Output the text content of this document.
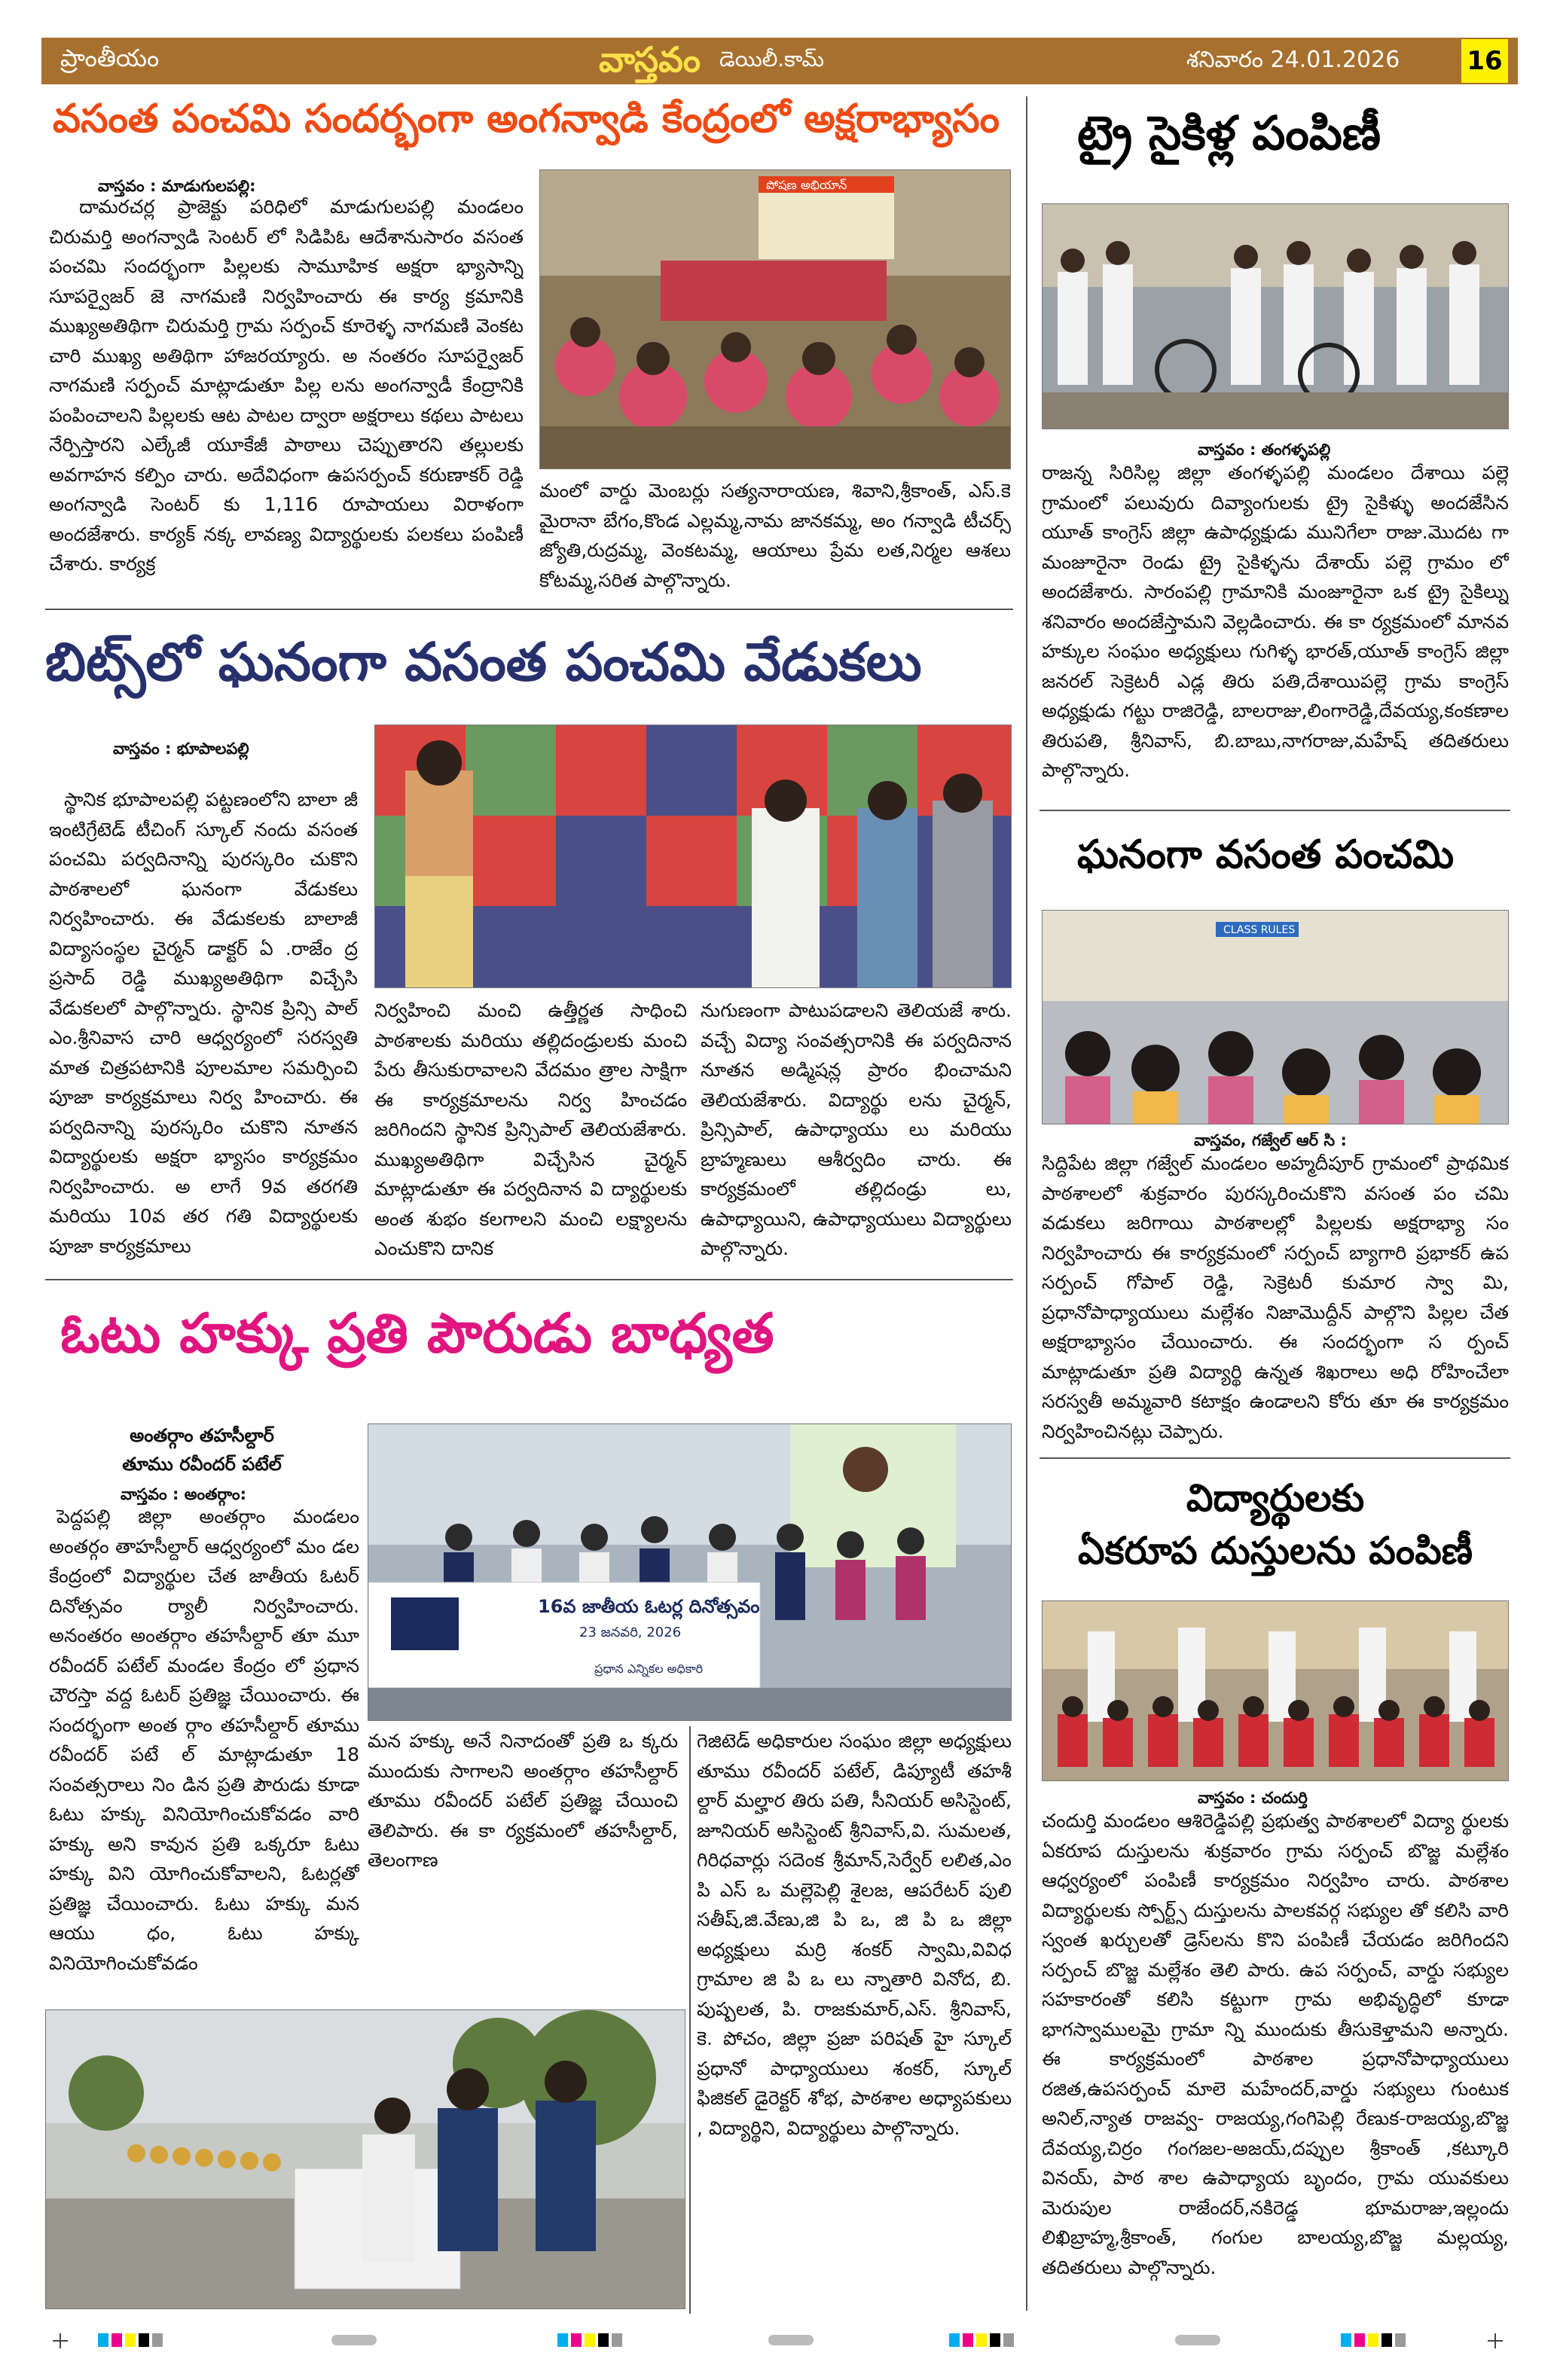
ప్రాంతీయం	వాస్తవం డెయిలీ.కామ్	శనివారం 24.01.2026	16
వసంత పంచమి సందర్భంగా అంగన్వాడి కేంద్రంలో అక్షరాభ్యాసం
వాస్తవం : మాడుగులపల్లి:
దామరచర్ల ప్రాజెక్టు పరిధిలో మాడుగులపల్లి మండలం చిరుమర్తి అంగన్వాడి సెంటర్ లో సిడిపిఓ ఆదేశానుసారం వసంత పంచమి సందర్భంగా పిల్లలకు సామూహిక అక్షరా భ్యాసాన్ని సూపర్వైజర్ జె నాగమణి నిర్వహించారు ఈ కార్య క్రమానికి ముఖ్యఅతిథిగా చిరుమర్తి గ్రామ సర్పంచ్ కూరెళ్ళ నాగమణి వెంకట చారి ముఖ్య అతిథిగా హాజరయ్యారు. అ నంతరం సూపర్వైజర్ నాగమణి సర్పంచ్ మాట్లాడుతూ పిల్ల లను అంగన్వాడీ కేంద్రానికి పంపించాలని పిల్లలకు ఆట పాటల ద్వారా అక్షరాలు కథలు పాటలు నేర్పిస్తారని ఎల్కేజీ యూకేజీ పాఠాలు చెప్పుతారని తల్లులకు అవగాహన కల్పిం చారు. అదేవిధంగా ఉపసర్పంచ్ కరుణాకర్ రెడ్డి అంగన్వాడి సెంటర్ కు 1,116 రూపాయలు విరాళంగా అందజేశారు. కార్యక్ నక్క లావణ్య విద్యార్థులకు పలకలు పంపిణీ చేశారు. కార్యక్ర
పోషణ అభియాన్
మంలో వార్డు మెంబర్లు సత్యనారాయణ, శివాని,శ్రీకాంత్, ఎస్.కె మైరానా బేగం,కొండ ఎల్లమ్మ,నామ జానకమ్మ, అం గన్వాడి టీచర్స్ జ్యోతి,రుద్రమ్మ, వెంకటమ్మ, ఆయాలు ప్రేమ లత,నిర్మల ఆశలు కోటమ్మ,సరిత పాల్గొన్నారు.
ట్రై సైకిళ్ల పంపిణీ
వాస్తవం : తంగళ్ళపల్లి
రాజన్న సిరిసిల్ల జిల్లా తంగళ్ళపల్లి మండలం దేశాయి పల్లె గ్రామంలో పలువురు దివ్యాంగులకు ట్రై సైకిళ్ళు అందజేసిన యూత్ కాంగ్రెస్ జిల్లా ఉపాధ్యక్షుడు మునిగేలా రాజు.మొదట గా మంజూరైనా రెండు ట్రై సైకిళ్ళను దేశాయ్ పల్లె గ్రామం లో అందజేశారు. సారంపల్లి గ్రామానికి మంజూరైనా ఒక ట్రై సైకిల్ను శనివారం అందజేస్తామని వెల్లడించారు. ఈ కా ర్యక్రమంలో మానవ హక్కుల సంఘం అధ్యక్షులు గుగిళ్ళ భారత్,యూత్ కాంగ్రెస్ జిల్లా జనరల్ సెక్రెటరీ ఎడ్ల తిరు పతి,దేశాయిపల్లె గ్రామ కాంగ్రెస్ అధ్యక్షుడు గట్టు రాజిరెడ్డి, బాలరాజు,లింగారెడ్డి,దేవయ్య,కంకణాల తిరుపతి, శ్రీనివాస్, బి.బాబు,నాగరాజు,మహేష్ తదితరులు పాల్గొన్నారు.
బిట్స్‌లో ఘనంగా వసంత పంచమి వేడుకలు
వాస్తవం : భూపాలపల్లి
స్థానిక భూపాలపల్లి పట్టణంలోని బాలా జీ ఇంటిగ్రేటెడ్ టీచింగ్ స్కూల్ నందు వసంత పంచమి పర్వదినాన్ని పురస్కరిం చుకొని పాఠశాలలో ఘనంగా వేడుకలు నిర్వహించారు. ఈ వేడుకలకు బాలాజీ విద్యాసంస్థల చైర్మన్ డాక్టర్ ఏ .రాజేం ద్ర ప్రసాద్ రెడ్డి ముఖ్యఅతిథిగా విచ్చేసి వేడుకలలో పాల్గొన్నారు. స్థానిక ప్రిన్సి పాల్ ఎం.శ్రీనివాస చారి ఆధ్వర్యంలో సరస్వతి మాత చిత్రపటానికి పూలమాల సమర్పించి పూజా కార్యక్రమాలు నిర్వ హించారు. ఈ పర్వదినాన్ని పురస్కరిం చుకొని నూతన విద్యార్థులకు అక్షరా భ్యాసం కార్యక్రమం నిర్వహించారు. అ లాగే 9వ తరగతి మరియు 10వ తర గతి విద్యార్థులకు పూజా కార్యక్రమాలు
నిర్వహించి మంచి ఉత్తీర్ణత సాధించి పాఠశాలకు మరియు తల్లిదండ్రులకు మంచి పేరు తీసుకురావాలని వేదమం త్రాల సాక్షిగా ఈ కార్యక్రమాలను నిర్వ హించడం జరిగిందని స్థానిక ప్రిన్సిపాల్ తెలియజేశారు. ముఖ్యఅతిథిగా విచ్చేసిన చైర్మన్ మాట్లాడుతూ ఈ పర్వదినాన వి ద్యార్థులకు అంత శుభం కలగాలని మంచి లక్ష్యాలను ఎంచుకొని దానిక
నుగుణంగా పాటుపడాలని తెలియజే శారు. వచ్చే విద్యా సంవత్సరానికి ఈ పర్వదినాన నూతన అడ్మిషన్ల ప్రారం భించామని తెలియజేశారు. విద్యార్థు లను చైర్మన్, ప్రిన్సిపాల్, ఉపాధ్యాయు లు మరియు బ్రాహ్మణులు ఆశీర్వదిం చారు. ఈ కార్యక్రమంలో తల్లిదండ్రు లు, ఉపాధ్యాయిని, ఉపాధ్యాయులు విద్యార్థులు పాల్గొన్నారు.
ఘనంగా వసంత పంచమి
CLASS RULES
వాస్తవం, గజ్వేల్ ఆర్ సి :
సిద్దిపేట జిల్లా గజ్వేల్ మండలం అహ్మదీపూర్ గ్రామంలో ప్రాథమిక పాఠశాలలో శుక్రవారం పురస్కరించుకొని వసంత పం చమి వడుకలు జరిగాయి పాఠశాలల్లో పిల్లలకు అక్షరాభ్యా సం నిర్వహించారు ఈ కార్యక్రమంలో సర్పంచ్ బ్యాగారి ప్రభాకర్ ఉప సర్పంచ్ గోపాల్ రెడ్డి, సెక్రెటరీ కుమార స్వా మి, ప్రధానోపాధ్యాయులు మల్లేశం నిజామొద్దీన్ పాల్గొని పిల్లల చేత అక్షరాభ్యాసం చేయించారు. ఈ సందర్భంగా స ర్పంచ్ మాట్లాడుతూ ప్రతి విద్యార్థి ఉన్నత శిఖరాలు అధి రోహించేలా సరస్వతీ అమ్మవారి కటాక్షం ఉండాలని కోరు తూ ఈ కార్యక్రమం నిర్వహించినట్లు చెప్పారు.
ఓటు హక్కు ప్రతి పౌరుడు బాధ్యత
అంతర్గాం తహసీల్దార్
తూము రవీందర్ పటేల్
వాస్తవం : అంతర్గాం:
పెద్దపల్లి జిల్లా అంతర్గాం మండలం అంతర్గం తాహసీల్దార్ ఆధ్వర్యంలో మం డల కేంద్రంలో విద్యార్థుల చేత జాతీయ ఓటర్ దినోత్సవం ర్యాలీ నిర్వహించారు. అనంతరం అంతర్గాం తహసీల్దార్ తూ మూ రవీందర్ పటేల్ మండల కేంద్రం లో ప్రధాన చౌరస్తా వద్ద ఓటర్ ప్రతిజ్ఞ చేయించారు. ఈ సందర్భంగా అంత ర్గాం తహసీల్దార్ తూము రవీందర్ పటే ల్ మాట్లాడుతూ 18 సంవత్సరాలు నిం డిన ప్రతి పౌరుడు కూడా ఓటు హక్కు వినియోగించుకోవడం వారి హక్కు అని కావున ప్రతి ఒక్కరూ ఓటు హక్కు విని యోగించుకోవాలని, ఓటర్లతో ప్రతిజ్ఞ చేయించారు. ఓటు హక్కు మన ఆయు ధం, ఓటు హక్కు వినియోగించుకోవడం
16వ జాతీయ ఓటర్ల దినోత్సవం
23 జనవరి, 2026
ప్రధాన ఎన్నికల అధికారి
మన హక్కు అనే నినాదంతో ప్రతి ఒ క్కరు ముందుకు సాగాలని అంతర్గాం తహసీల్దార్ తూము రవీందర్ పటేల్ ప్రతిజ్ఞ చేయించి తెలిపారు. ఈ కా ర్యక్రమంలో తహసీల్దార్, తెలంగాణ
గెజిటెడ్ అధికారుల సంఘం జిల్లా అధ్యక్షులు తూము రవీందర్ పటేల్, డిప్యూటీ తహశీ ల్దార్ మల్హార తిరు పతి, సీనియర్ అసిస్టెంట్, జూనియర్ అసిస్టెంట్ శ్రీనివాస్,వి. సుమలత, గిరిధవార్లు సదెంక శ్రీమాన్,సెర్వేర్ లలిత,ఎం పి ఎస్ ఒ మల్లెపెల్లి శైలజ, ఆపరేటర్ పులి సతీష్,జి.వేణు,జి పి ఒ, జి పి ఒ జిల్లా అధ్యక్షులు మర్రి శంకర్ స్వామి,వివిధ గ్రామాల జి పి ఒ లు న్నాతారి వినోద, బి. పుష్పలత, పి. రాజకుమార్,ఎస్. శ్రీనివాస్, కె. పోచం, జిల్లా ప్రజా పరిషత్ హై స్కూల్ ప్రధానో పాధ్యాయులు శంకర్, స్కూల్ ఫిజికల్ డైరెక్టర్ శోభ, పాఠశాల అధ్యాపకులు , విద్యార్థిని, విద్యార్థులు పాల్గొన్నారు.
విద్యార్థులకు
ఏకరూప దుస్తులను పంపిణీ
వాస్తవం : చందుర్తి
చందుర్తి మండలం ఆశిరెడ్డిపల్లి ప్రభుత్వ పాఠశాలలో విద్యా ర్థులకు ఏకరూప దుస్తులను శుక్రవారం గ్రామ సర్పంచ్ బొజ్జ మల్లేశం ఆధ్వర్యంలో పంపిణీ కార్యక్రమం నిర్వహిం చారు. పాఠశాల విద్యార్థులకు స్పోర్ట్స్ దుస్తులను పాలకవర్గ సభ్యుల తో కలిసి వారి స్వంత ఖర్చులతో డ్రెస్‌లను కొని పంపిణీ చేయడం జరిగిందని సర్పంచ్ బొజ్జ మల్లేశం తెలి పారు. ఉప సర్పంచ్, వార్డు సభ్యుల సహకారంతో కలిసి కట్టుగా గ్రామ అభివృద్ధిలో కూడా భాగస్వాములమై గ్రామా న్ని ముందుకు తీసుకెళ్తామని అన్నారు. ఈ కార్యక్రమంలో పాఠశాల ప్రధానోపాధ్యాయులు రజిత,ఉపసర్పంచ్ మాలె మహేందర్,వార్డు సభ్యులు గుంటుక అనిల్,న్యాత రాజవ్వ- రాజయ్య,గంగిపెల్లి రేణుక-రాజయ్య,బొజ్జ దేవయ్య,చిర్రం గంగజల-అజయ్,దప్పుల శ్రీకాంత్ ,కట్కూరి వినయ్, పాఠ శాల ఉపాధ్యాయ బృందం, గ్రామ యువకులు మెరుపుల రాజేందర్,నకిరెడ్డ భూమరాజు,ఇల్లందు లిఖిబ్రాహ్మ,శ్రీకాంత్, గంగుల బాలయ్య,బొజ్జ మల్లయ్య, తదితరులు పాల్గొన్నారు.
